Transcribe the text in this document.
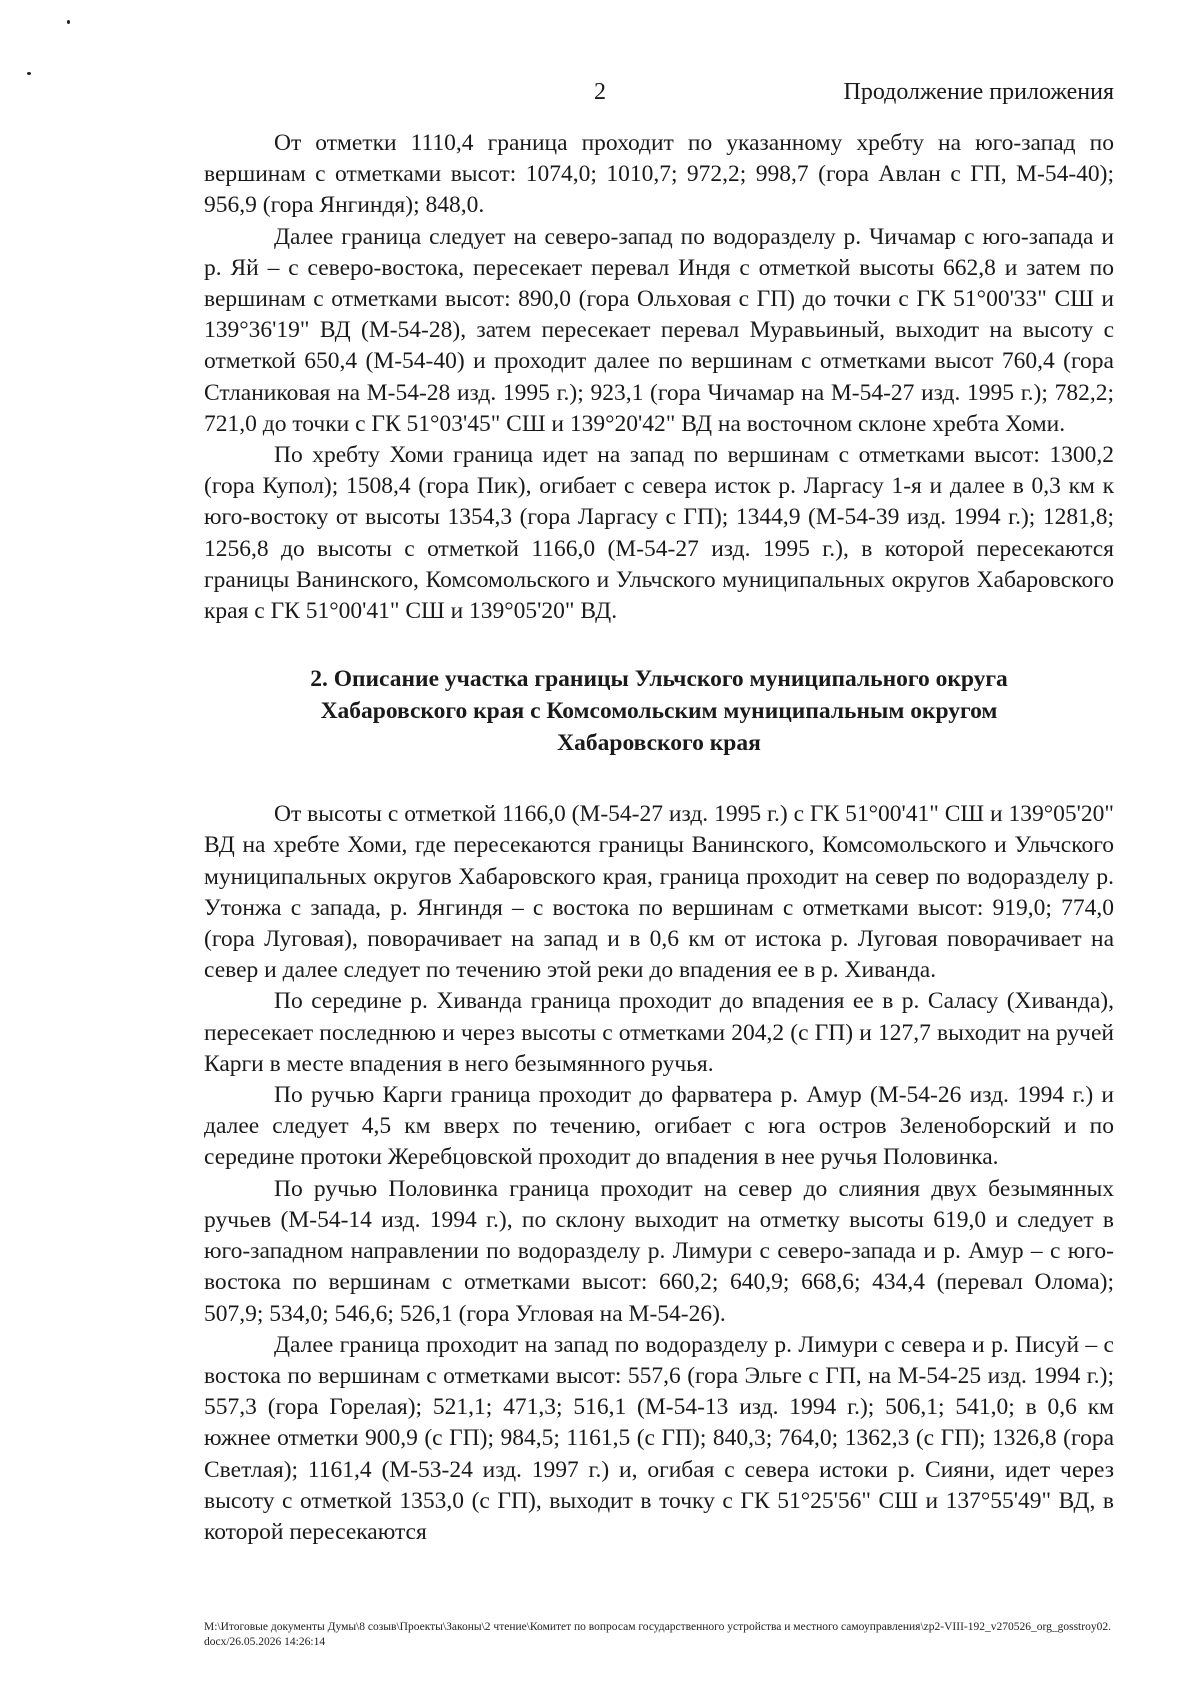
2	Продолжение приложения

От отметки 1110,4 граница проходит по указанному хребту на юго-запад по вершинам с отметками высот: 1074,0; 1010,7; 972,2; 998,7 (гора Авлан с ГП, М-54-40); 956,9 (гора Янгиндя); 848,0.

Далее граница следует на северо-запад по водоразделу р. Чичамар с юго-запада и р. Яй – с северо-востока, пересекает перевал Индя с отметкой высоты 662,8 и затем по вершинам с отметками высот: 890,0 (гора Ольховая с ГП) до точки с ГК 51°00'33" СШ и 139°36'19" ВД (М-54-28), затем пересекает перевал Муравьиный, выходит на высоту с отметкой 650,4 (М-54-40) и проходит далее по вершинам с отметками высот 760,4 (гора Стланиковая на М-54-28 изд. 1995 г.); 923,1 (гора Чичамар на М-54-27 изд. 1995 г.); 782,2; 721,0 до точки с ГК 51°03'45" СШ и 139°20'42" ВД на восточном склоне хребта Хоми.

По хребту Хоми граница идет на запад по вершинам с отметками высот: 1300,2 (гора Купол); 1508,4 (гора Пик), огибает с севера исток р. Ларгасу 1-я и далее в 0,3 км к юго-востоку от высоты 1354,3 (гора Ларгасу с ГП); 1344,9 (М-54-39 изд. 1994 г.); 1281,8; 1256,8 до высоты с отметкой 1166,0 (М-54-27 изд. 1995 г.), в которой пересекаются границы Ванинского, Комсомольского и Ульчского муниципальных округов Хабаровского края с ГК 51°00'41" СШ и 139°05'20" ВД.

2. Описание участка границы Ульчского муниципального округа Хабаровского края с Комсомольским муниципальным округом Хабаровского края

От высоты с отметкой 1166,0 (М-54-27 изд. 1995 г.) с ГК 51°00'41" СШ и 139°05'20" ВД на хребте Хоми, где пересекаются границы Ванинского, Комсомольского и Ульчского муниципальных округов Хабаровского края, граница проходит на север по водоразделу р. Утонжа с запада, р. Янгиндя – с востока по вершинам с отметками высот: 919,0; 774,0 (гора Луговая), поворачивает на запад и в 0,6 км от истока р. Луговая поворачивает на север и далее следует по течению этой реки до впадения ее в р. Хиванда.

По середине р. Хиванда граница проходит до впадения ее в р. Саласу (Хиванда), пересекает последнюю и через высоты с отметками 204,2 (с ГП) и 127,7 выходит на ручей Карги в месте впадения в него безымянного ручья.

По ручью Карги граница проходит до фарватера р. Амур (М-54-26 изд. 1994 г.) и далее следует 4,5 км вверх по течению, огибает с юга остров Зеленоборский и по середине протоки Жеребцовской проходит до впадения в нее ручья Половинка.

По ручью Половинка граница проходит на север до слияния двух безымянных ручьев (М-54-14 изд. 1994 г.), по склону выходит на отметку высоты 619,0 и следует в юго-западном направлении по водоразделу р. Лимури с северо-запада и р. Амур – с юго-востока по вершинам с отметками высот: 660,2; 640,9; 668,6; 434,4 (перевал Олома); 507,9; 534,0; 546,6; 526,1 (гора Угловая на М-54-26).

Далее граница проходит на запад по водоразделу р. Лимури с севера и р. Писуй – с востока по вершинам с отметками высот: 557,6 (гора Эльге с ГП, на М-54-25 изд. 1994 г.); 557,3 (гора Горелая); 521,1; 471,3; 516,1 (М-54-13 изд. 1994 г.); 506,1; 541,0; в 0,6 км южнее отметки 900,9 (с ГП); 984,5; 1161,5 (с ГП); 840,3; 764,0; 1362,3 (с ГП); 1326,8 (гора Светлая); 1161,4 (М-53-24 изд. 1997 г.) и, огибая с севера истоки р. Сияни, идет через высоту с отметкой 1353,0 (с ГП), выходит в точку с ГК 51°25'56" СШ и 137°55'49" ВД, в которой пересекаются

M:\Итоговые документы Думы\8 созыв\Проекты\Законы\2 чтение\Комитет по вопросам государственного устройства и местного самоуправления\zp2-VIII-192_v270526_org_gosstroy02.docx/26.05.2026 14:26:14
